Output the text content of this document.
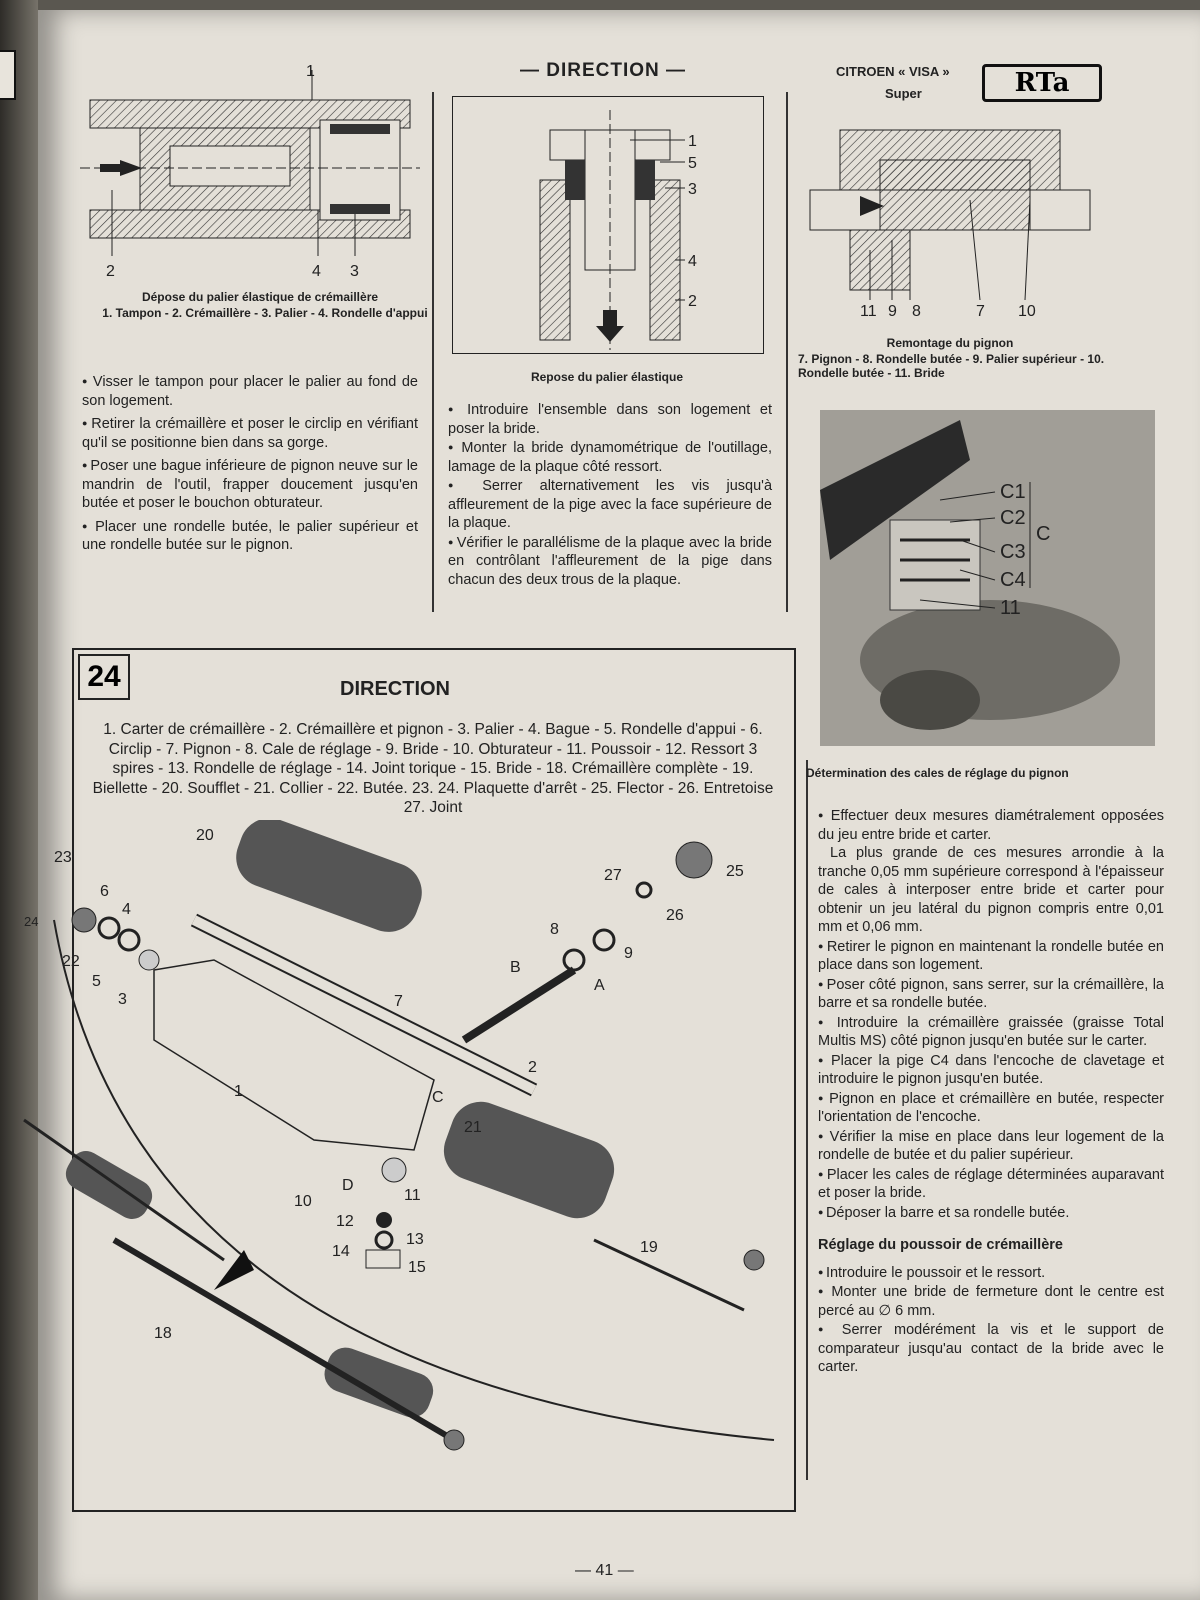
— DIRECTION —	CITROEN « VISA »
Super	RTa
1
2	4 3
Dépose du palier élastique de crémaillère
1. Tampon - 2. Crémaillère - 3. Palier - 4. Rondelle d'appui
1
5
3
4
2
Repose du palier élastique
11 9 8	7 10
Remontage du pignon
7. Pignon - 8. Rondelle butée - 9. Palier supérieur - 10. Rondelle butée - 11. Bride

● Visser le tampon pour placer le palier au fond de son logement.

● Retirer la crémaillère et poser le circlip en vérifiant qu'il se positionne bien dans sa gorge.

● Poser une bague inférieure de pignon neuve sur le mandrin de l'outil, frapper doucement jusqu'en butée et poser le bouchon obturateur.

● Placer une rondelle butée, le palier supérieur et une rondelle butée sur le pignon.

● Introduire l'ensemble dans son logement et poser la bride.

● Monter la bride dynamométrique de l'outillage, lamage de la plaque côté ressort.

● Serrer alternativement les vis jusqu'à affleurement de la pige avec la face supérieure de la plaque.

● Vérifier le parallélisme de la plaque avec la bride en contrôlant l'affleurement de la pige dans chacun des deux trous de la plaque.

C1
C2
C3
C4
11
C
Détermination des cales de réglage du pignon
24	DIRECTION
1. Carter de crémaillère - 2. Crémaillère et pignon - 3. Palier - 4. Bague - 5. Rondelle d'appui - 6. Circlip - 7. Pignon - 8. Cale de réglage - 9. Bride - 10. Obturateur - 11. Poussoir - 12. Ressort 3 spires - 13. Rondelle de réglage - 14. Joint torique - 15. Bride - 18. Crémaillère complète - 19. Biellette - 20. Soufflet - 21. Collier - 22. Butée. 23. 24. Plaquette d'arrêt - 25. Flector - 26. Entretoise 27. Joint
20
23
24
22
6
4
5
3
1
7
27	25
26
8
9
B
A
2
C
21
10
D
11
12
13
14
15
19
18

● Effectuer deux mesures diamétralement opposées du jeu entre bride et carter.

La plus grande de ces mesures arrondie à la tranche 0,05 mm supérieure correspond à l'épaisseur de cales à interposer entre bride et carter pour obtenir un jeu latéral du pignon compris entre 0,01 mm et 0,06 mm.

● Retirer le pignon en maintenant la rondelle butée en place dans son logement.

● Poser côté pignon, sans serrer, sur la crémaillère, la barre et sa rondelle butée.

● Introduire la crémaillère graissée (graisse Total Multis MS) côté pignon jusqu'en butée sur le carter.

● Placer la pige C4 dans l'encoche de clavetage et introduire le pignon jusqu'en butée.

● Pignon en place et crémaillère en butée, respecter l'orientation de l'encoche.

● Vérifier la mise en place dans leur logement de la rondelle de butée et du palier supérieur.

● Placer les cales de réglage déterminées auparavant et poser la bride.

● Déposer la barre et sa rondelle butée.

Réglage du poussoir de crémaillère

● Introduire le poussoir et le ressort.

● Monter une bride de fermeture dont le centre est percé au ∅ 6 mm.

● Serrer modérément la vis et le support de comparateur jusqu'au contact de la bride avec le carter.

— 41 —
